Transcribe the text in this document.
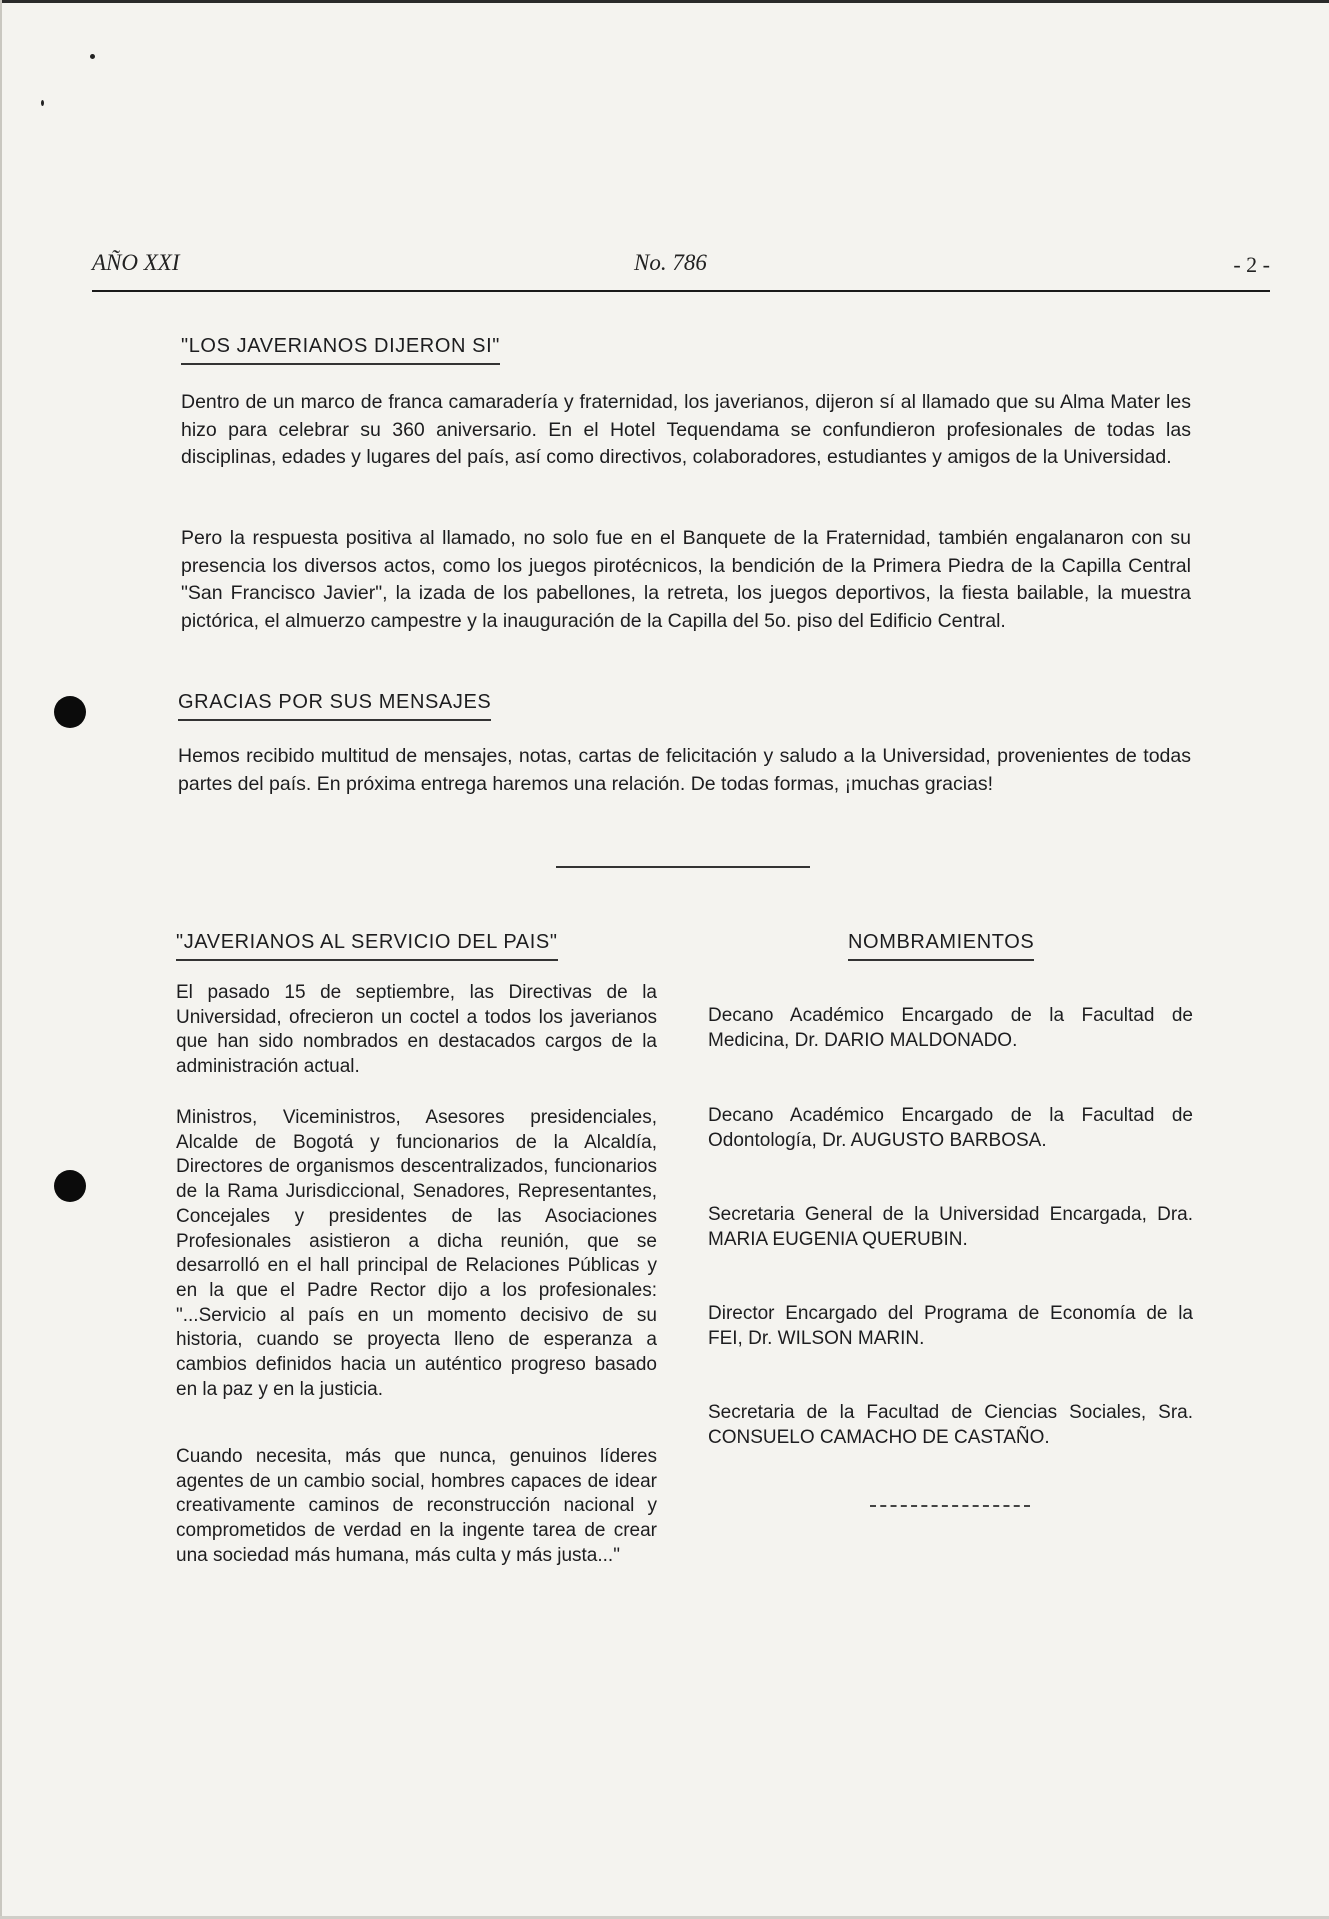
AÑO XXI	No. 786	- 2 -
"LOS JAVERIANOS DIJERON SI"

Dentro de un marco de franca camaradería y fraternidad, los javerianos, dijeron sí al llamado que su Alma Mater les hizo para celebrar su 360 aniversario. En el Hotel Tequendama se confundieron profesionales de todas las disciplinas, edades y lugares del país, así como directivos, colaboradores, estudiantes y amigos de la Universidad.

Pero la respuesta positiva al llamado, no solo fue en el Banquete de la Fraternidad, también engalanaron con su presencia los diversos actos, como los juegos pirotécnicos, la bendición de la Primera Piedra de la Capilla Central "San Francisco Javier", la izada de los pabellones, la retreta, los juegos deportivos, la fiesta bailable, la muestra pictórica, el almuerzo campestre y la inauguración de la Capilla del 5o. piso del Edificio Central.

GRACIAS POR SUS MENSAJES

Hemos recibido multitud de mensajes, notas, cartas de felicitación y saludo a la Universidad, provenientes de todas partes del país. En próxima entrega haremos una relación. De todas formas, ¡muchas gracias!

"JAVERIANOS AL SERVICIO DEL PAIS"

El pasado 15 de septiembre, las Directivas de la Universidad, ofrecieron un coctel a todos los javerianos que han sido nombrados en destacados cargos de la administración actual.

Ministros, Viceministros, Asesores presidenciales, Alcalde de Bogotá y funcionarios de la Alcaldía, Directores de organismos descentralizados, funcionarios de la Rama Jurisdiccional, Senadores, Representantes, Concejales y presidentes de las Asociaciones Profesionales asistieron a dicha reunión, que se desarrolló en el hall principal de Relaciones Públicas y en la que el Padre Rector dijo a los profesionales: "...Servicio al país en un momento decisivo de su historia, cuando se proyecta lleno de esperanza a cambios definidos hacia un auténtico progreso basado en la paz y en la justicia.

Cuando necesita, más que nunca, genuinos líderes agentes de un cambio social, hombres capaces de idear creativamente caminos de reconstrucción nacional y comprometidos de verdad en la ingente tarea de crear una sociedad más humana, más culta y más justa..."

NOMBRAMIENTOS

Decano Académico Encargado de la Facultad de Medicina, Dr. DARIO MALDONADO.

Decano Académico Encargado de la Facultad de Odontología, Dr. AUGUSTO BARBOSA.

Secretaria General de la Universidad Encargada, Dra. MARIA EUGENIA QUERUBIN.

Director Encargado del Programa de Economía de la FEI, Dr. WILSON MARIN.

Secretaria de la Facultad de Ciencias Sociales, Sra. CONSUELO CAMACHO DE CASTAÑO.
